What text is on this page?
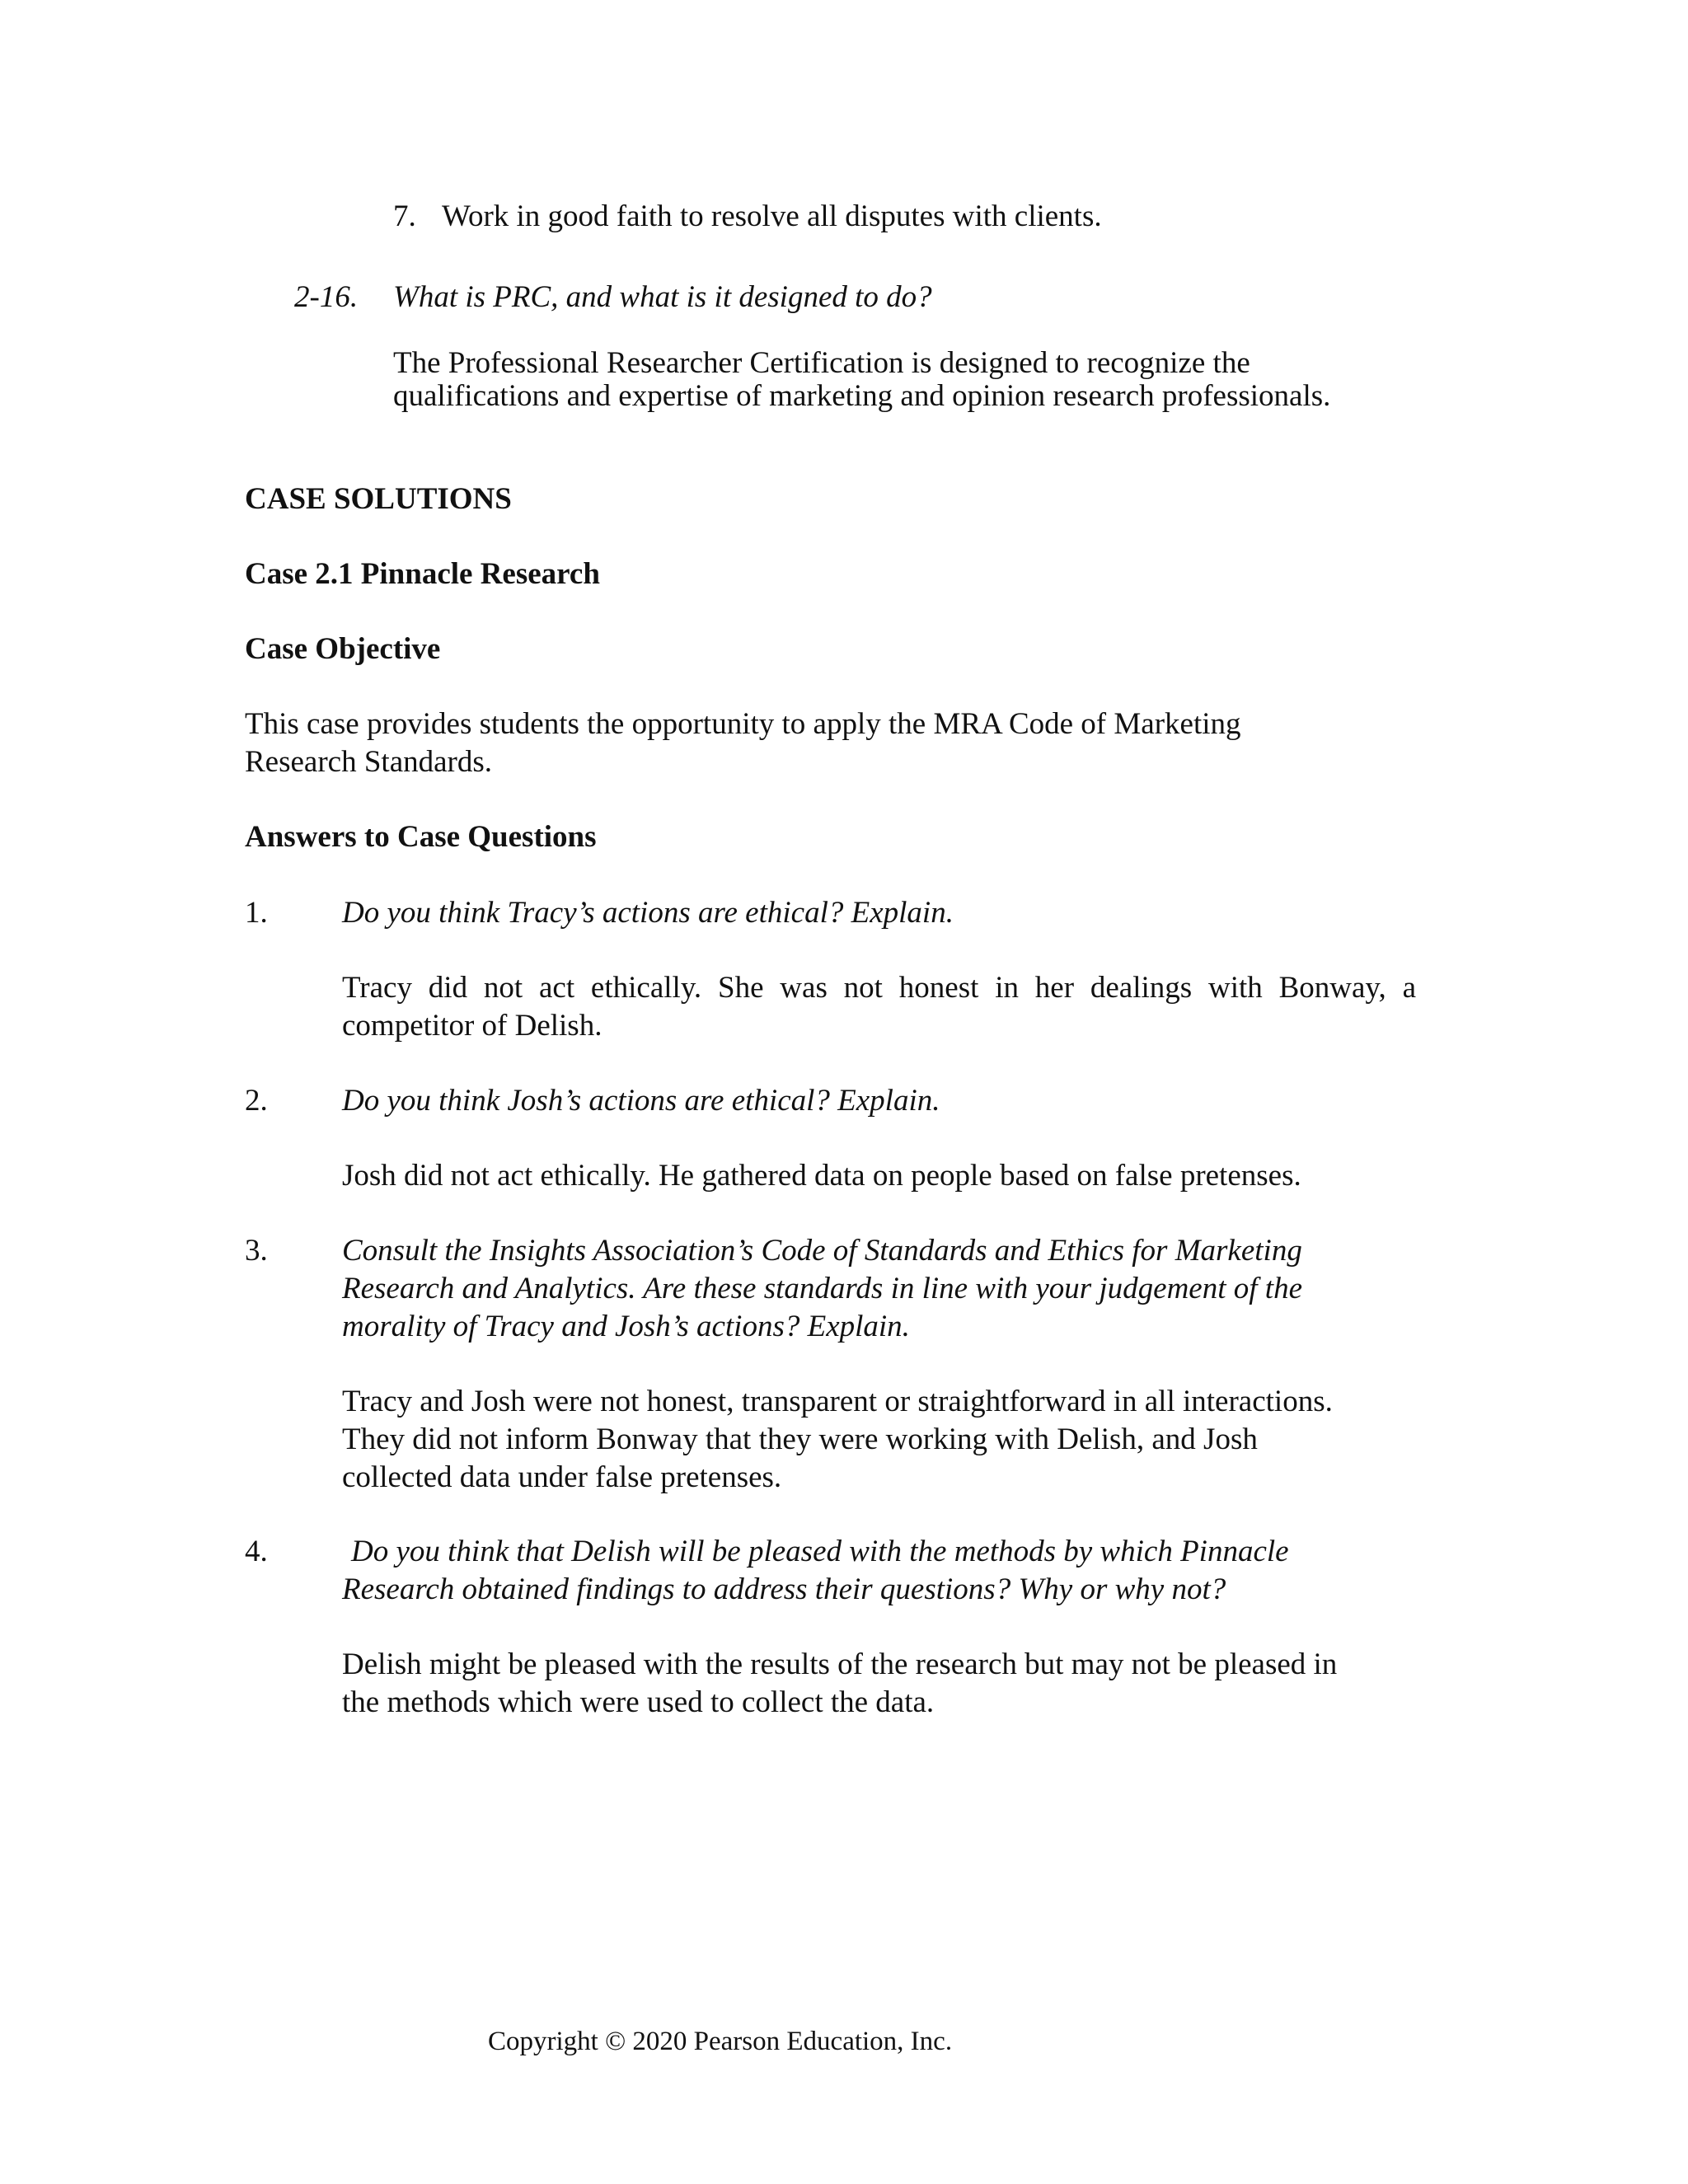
7. Work in good faith to resolve all disputes with clients.
2-16. What is PRC, and what is it designed to do?
The Professional Researcher Certification is designed to recognize the
qualifications and expertise of marketing and opinion research professionals.
CASE SOLUTIONS
Case 2.1 Pinnacle Research
Case Objective
This case provides students the opportunity to apply the MRA Code of Marketing
Research Standards.
Answers to Case Questions
1. Do you think Tracy’s actions are ethical? Explain.
Tracy did not act ethically. She was not honest in her dealings with Bonway, a
competitor of Delish.
2. Do you think Josh’s actions are ethical? Explain.
Josh did not act ethically. He gathered data on people based on false pretenses.
3. Consult the Insights Association’s Code of Standards and Ethics for Marketing
Research and Analytics. Are these standards in line with your judgement of the
morality of Tracy and Josh’s actions? Explain.
Tracy and Josh were not honest, transparent or straightforward in all interactions.
They did not inform Bonway that they were working with Delish, and Josh
collected data under false pretenses.
4.	Do you think that Delish will be pleased with the methods by which Pinnacle
Research obtained findings to address their questions? Why or why not?
Delish might be pleased with the results of the research but may not be pleased in
the methods which were used to collect the data.
Copyright © 2020 Pearson Education, Inc.
